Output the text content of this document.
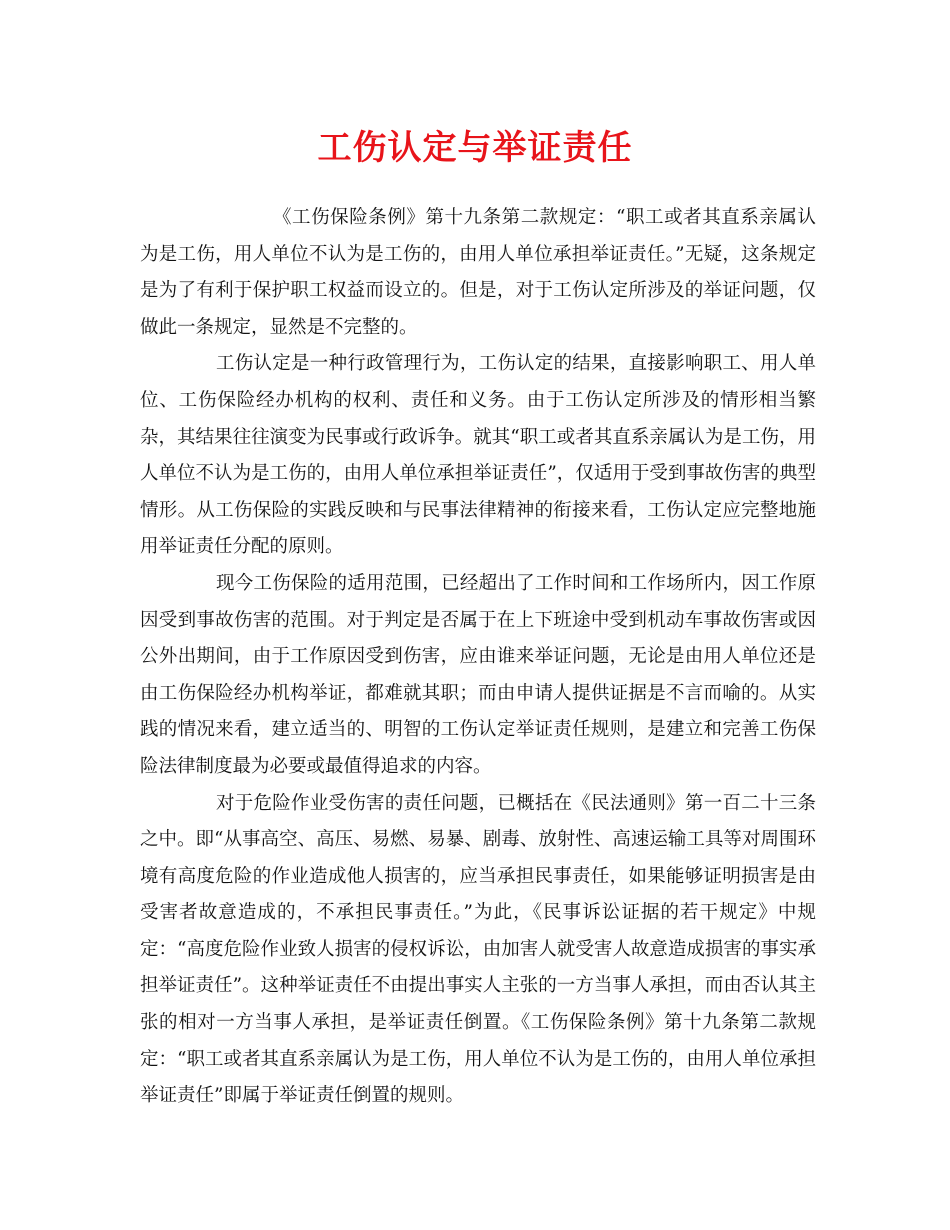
工伤认定与举证责任

《工伤保险条例》第十九条第二款规定：“职工或者其直系亲属认为是工伤，用人单位不认为是工伤的，由用人单位承担举证责任。”无疑，这条规定是为了有利于保护职工权益而设立的。但是，对于工伤认定所涉及的举证问题，仅做此一条规定，显然是不完整的。

工伤认定是一种行政管理行为，工伤认定的结果，直接影响职工、用人单位、工伤保险经办机构的权利、责任和义务。由于工伤认定所涉及的情形相当繁杂，其结果往往演变为民事或行政诉争。就其“职工或者其直系亲属认为是工伤，用人单位不认为是工伤的，由用人单位承担举证责任”，仅适用于受到事故伤害的典型情形。从工伤保险的实践反映和与民事法律精神的衔接来看，工伤认定应完整地施用举证责任分配的原则。

现今工伤保险的适用范围，已经超出了工作时间和工作场所内，因工作原因受到事故伤害的范围。对于判定是否属于在上下班途中受到机动车事故伤害或因公外出期间，由于工作原因受到伤害，应由谁来举证问题，无论是由用人单位还是由工伤保险经办机构举证，都难就其职；而由申请人提供证据是不言而喻的。从实践的情况来看，建立适当的、明智的工伤认定举证责任规则，是建立和完善工伤保险法律制度最为必要或最值得追求的内容。

对于危险作业受伤害的责任问题，已概括在《民法通则》第一百二十三条之中。即“从事高空、高压、易燃、易暴、剧毒、放射性、高速运输工具等对周围环境有高度危险的作业造成他人损害的，应当承担民事责任，如果能够证明损害是由受害者故意造成的，不承担民事责任。”为此，《民事诉讼证据的若干规定》中规定：“高度危险作业致人损害的侵权诉讼，由加害人就受害人故意造成损害的事实承担举证责任”。这种举证责任不由提出事实人主张的一方当事人承担，而由否认其主张的相对一方当事人承担，是举证责任倒置。《工伤保险条例》第十九条第二款规定：“职工或者其直系亲属认为是工伤，用人单位不认为是工伤的，由用人单位承担举证责任”即属于举证责任倒置的规则。
